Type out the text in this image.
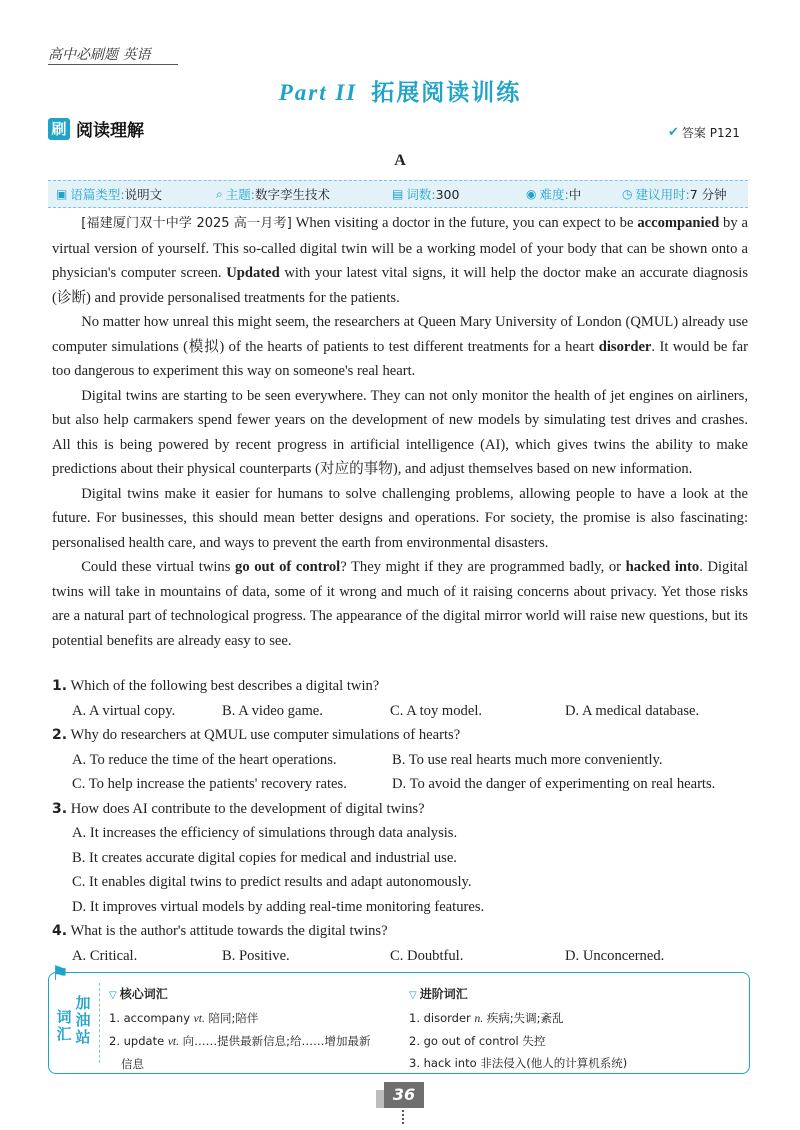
高中必刷题 英语
Part II 拓展阅读训练
刷 阅读理解	✔ 答案
P121
A
▣ 语篇类型: 说明文	⌕ 主题: 数字孪生技术	▤ 词数: 300	◉ 难度: 中	◷ 建议用时: 7 分钟

[福建厦门双十中学 2025 高一月考] When visiting a doctor in the future, you can expect to be accompanied by a virtual version of yourself. This so-called digital twin will be a working model of your body that can be shown onto a physician's computer screen. Updated with your latest vital signs, it will help the doctor make an accurate diagnosis (诊断) and provide personalised treatments for the patients.

No matter how unreal this might seem, the researchers at Queen Mary University of London (QMUL) already use computer simulations (模拟) of the hearts of patients to test different treatments for a heart disorder. It would be far too dangerous to experiment this way on someone's real heart.

Digital twins are starting to be seen everywhere. They can not only monitor the health of jet engines on airliners, but also help carmakers spend fewer years on the development of new models by simulating test drives and crashes. All this is being powered by recent progress in artificial intelligence (AI), which gives twins the ability to make predictions about their physical counterparts (对应的事物), and adjust themselves based on new information.

Digital twins make it easier for humans to solve challenging problems, allowing people to have a look at the future. For businesses, this should mean better designs and operations. For society, the promise is also fascinating: personalised health care, and ways to prevent the earth from environmental disasters.

Could these virtual twins go out of control? They might if they are programmed badly, or hacked into. Digital twins will take in mountains of data, some of it wrong and much of it raising concerns about privacy. Yet those risks are a natural part of technological progress. The appearance of the digital mirror world will raise new questions, but its potential benefits are already easy to see.

1. Which of the following best describes a digital twin?
A. A virtual copy.	B. A video game.	C. A toy model.	D. A medical database.
2. Why do researchers at QMUL use computer simulations of hearts?
A. To reduce the time of the heart operations.	B. To use real hearts much more conveniently.
C. To help increase the patients' recovery rates.	D. To avoid the danger of experimenting on real hearts.
3. How does AI contribute to the development of digital twins?
A. It increases the efficiency of simulations through data analysis.
B. It creates accurate digital copies for medical and industrial use.
C. It enables digital twins to predict results and adapt autonomously.
D. It improves virtual models by adding real-time monitoring features.
4. What is the author's attitude towards the digital twins?
A. Critical.	B. Positive.	C. Doubtful.	D. Unconcerned.
⚑
词汇
加油站
▽ 核心词汇
1. accompany vt. 陪同;陪伴
2. update vt. 向……提供最新信息;给……增加最新
信息
▽ 进阶词汇
1. disorder n. 疾病;失调;紊乱
2. go out of control 失控
3. hack into 非法侵入(他人的计算机系统)
36
